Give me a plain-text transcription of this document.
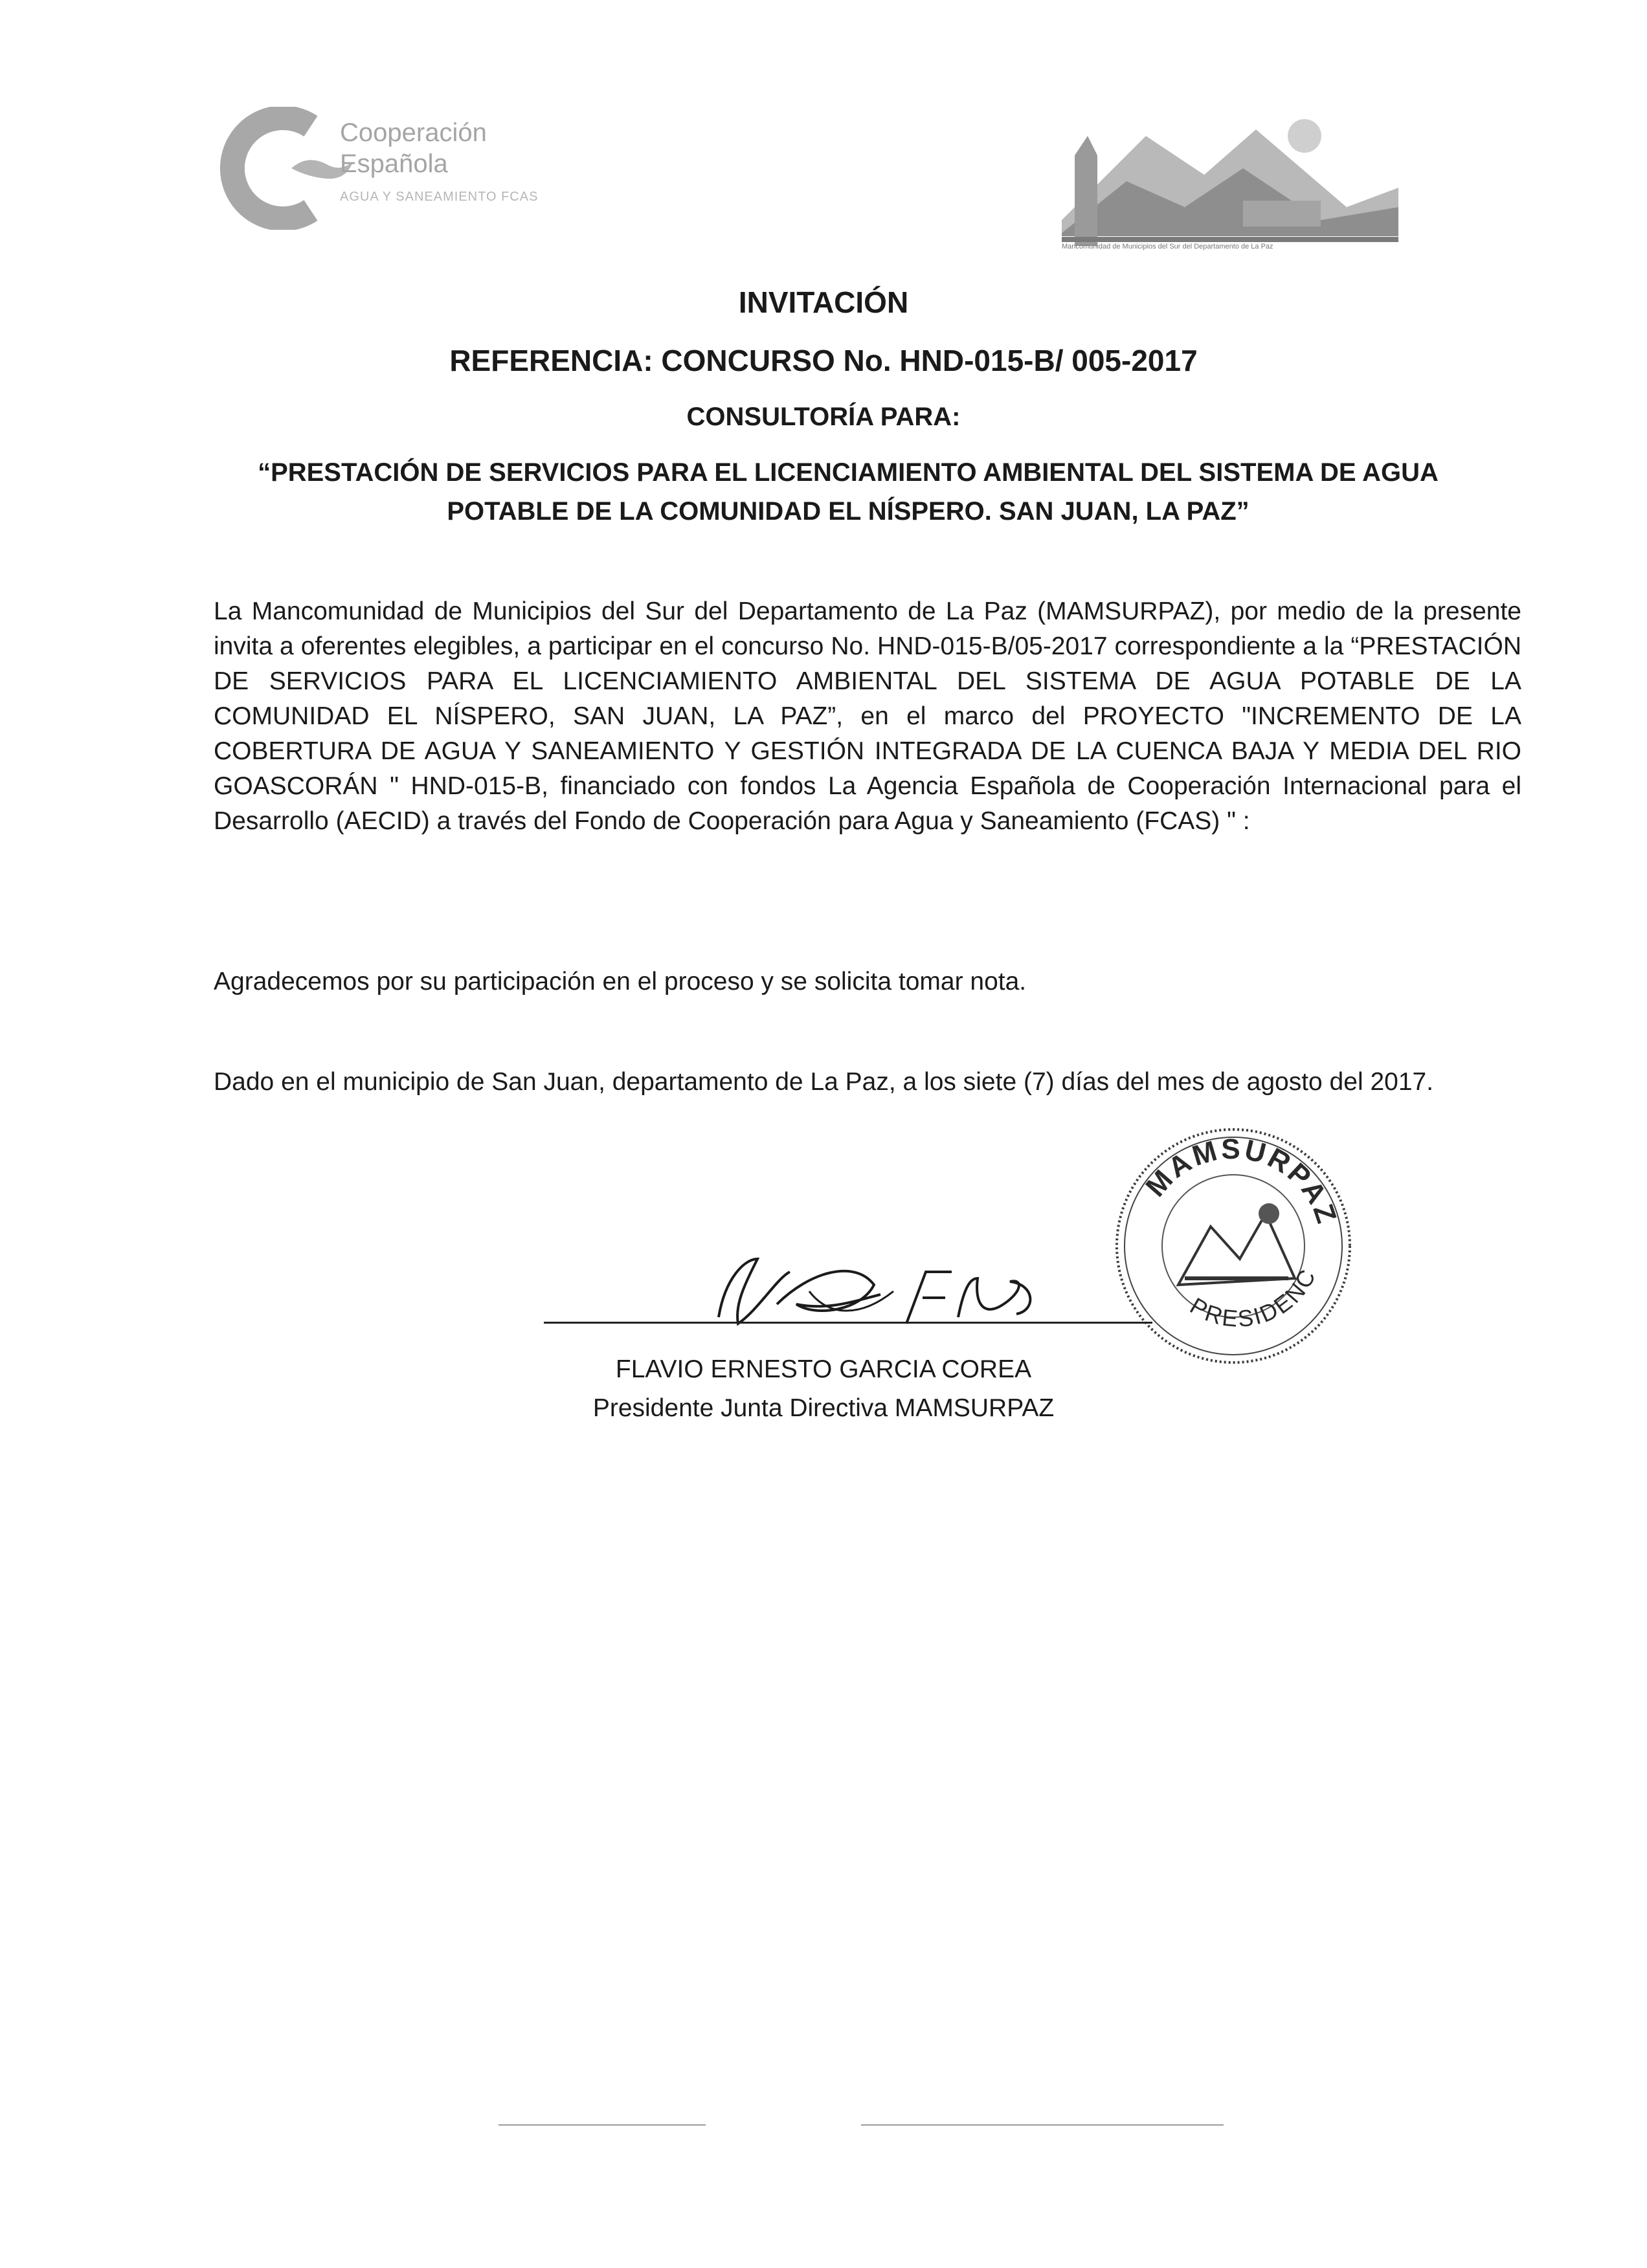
Cooperación
Española
AGUA Y SANEAMIENTO FCAS
Mancomunidad de Municipios del Sur del Departamento de La Paz
INVITACIÓN
REFERENCIA: CONCURSO No. HND-015-B/ 005-2017
CONSULTORÍA PARA:
“PRESTACIÓN DE SERVICIOS PARA EL LICENCIAMIENTO AMBIENTAL DEL SISTEMA DE AGUA POTABLE DE LA COMUNIDAD EL NÍSPERO. SAN JUAN, LA PAZ”
La Mancomunidad de Municipios del Sur del Departamento de La Paz (MAMSURPAZ), por medio de la presente invita a oferentes elegibles, a participar en el concurso No. HND-015-B/05-2017 correspondiente a la “PRESTACIÓN DE SERVICIOS PARA EL LICENCIAMIENTO AMBIENTAL DEL SISTEMA DE AGUA POTABLE DE LA COMUNIDAD EL NÍSPERO, SAN JUAN, LA PAZ”, en el marco del PROYECTO "INCREMENTO DE LA COBERTURA DE AGUA Y SANEAMIENTO Y GESTIÓN INTEGRADA DE LA CUENCA BAJA Y MEDIA DEL RIO GOASCORÁN " HND-015-B, financiado con fondos La Agencia Española de Cooperación Internacional para el Desarrollo (AECID) a través del Fondo de Cooperación para Agua y Saneamiento (FCAS) " :
Agradecemos por su participación en el proceso y se solicita tomar nota.
Dado en el municipio de San Juan, departamento de La Paz, a los siete (7) días del mes de agosto del 2017.
MAMSURPAZ
PRESIDENC
FLAVIO ERNESTO GARCIA COREA
Presidente Junta Directiva MAMSURPAZ
